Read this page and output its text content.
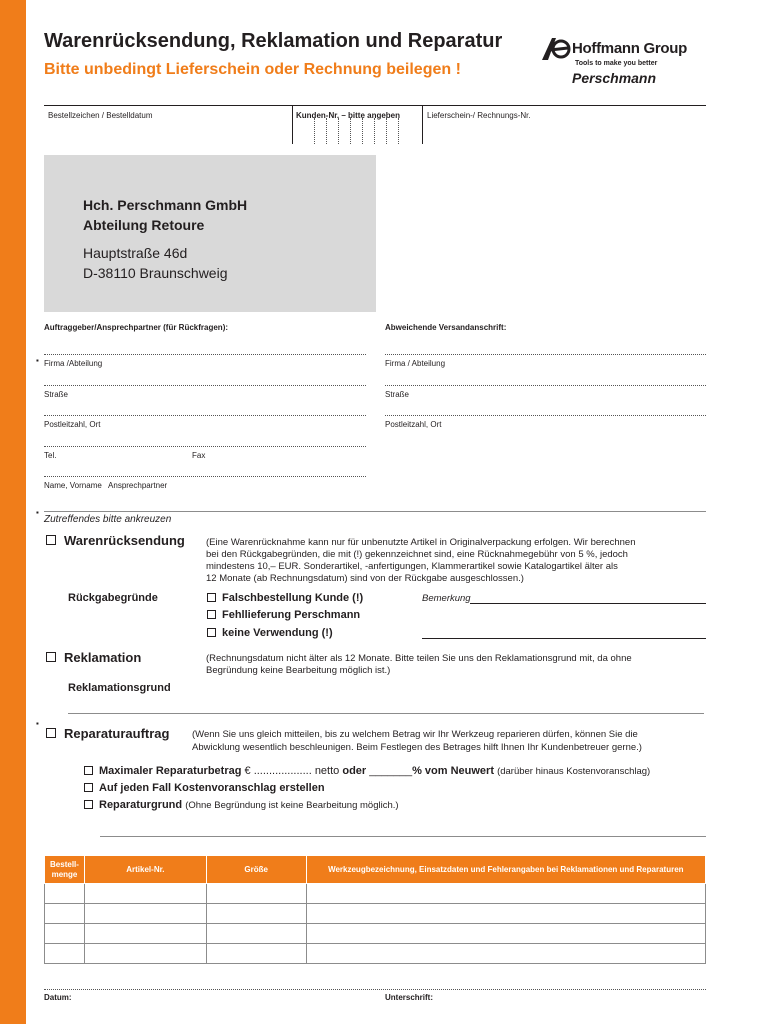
Warenrücksendung, Reklamation und Reparatur
Bitte unbedingt Lieferschein oder Rechnung beilegen !
Hoffmann Group
Tools to make you better
Perschmann
Bestellzeichen / Bestelldatum	Kunden-Nr. – bitte angeben	Lieferschein-/ Rechnungs-Nr.
Hch. Perschmann GmbH
Abteilung Retoure
Hauptstraße 46d
D-38110 Braunschweig
Auftraggeber/Ansprechpartner (für Rückfragen):
▪ Firma /Abteilung
Straße
Postleitzahl, Ort
Tel.	Fax
Name, Vorname   Ansprechpartner
Abweichende Versandanschrift:
Firma / Abteilung
Straße
Postleitzahl, Ort
▪
Zutreffendes bitte ankreuzen
Warenrücksendung (Eine Warenrücknahme kann nur für unbenutzte Artikel in Originalverpackung erfolgen. Wir berechnen
bei den Rückgabegründen, die mit (!) gekennzeichnet sind, eine Rücknahmegebühr von 5 %, jedoch
mindestens 10,– EUR. Sonderartikel, -anfertigungen, Klammerartikel sowie Katalogartikel älter als
12 Monate (ab Rechnungsdatum) sind von der Rückgabe ausgeschlossen.)
Rückgabegründe	Falschbestellung Kunde (!)
Fehllieferung Perschmann
keine Verwendung (!)
Bemerkung
Reklamation	(Rechnungsdatum nicht älter als 12 Monate. Bitte teilen Sie uns den Reklamationsgrund mit, da ohne
Begründung keine Bearbeitung möglich ist.)
Reklamationsgrund
▪
Reparaturauftrag (Wenn Sie uns gleich mitteilen, bis zu welchem Betrag wir Ihr Werkzeug reparieren dürfen, können Sie die
Abwicklung wesentlich beschleunigen. Beim Festlegen des Betrages hilft Ihnen Ihr Kundenbetreuer gerne.)
Maximaler Reparaturbetrag € ................... netto oder _______% vom Neuwert (darüber hinaus Kostenvoranschlag)
Auf jeden Fall Kostenvoranschlag erstellen
Reparaturgrund (Ohne Begründung ist keine Bearbeitung möglich.)
Bestell-
menge	Artikel-Nr.	Größe	Werkzeugbezeichnung, Einsatzdaten und Fehlerangaben bei Reklamationen und Reparaturen

Datum:	Unterschrift:
